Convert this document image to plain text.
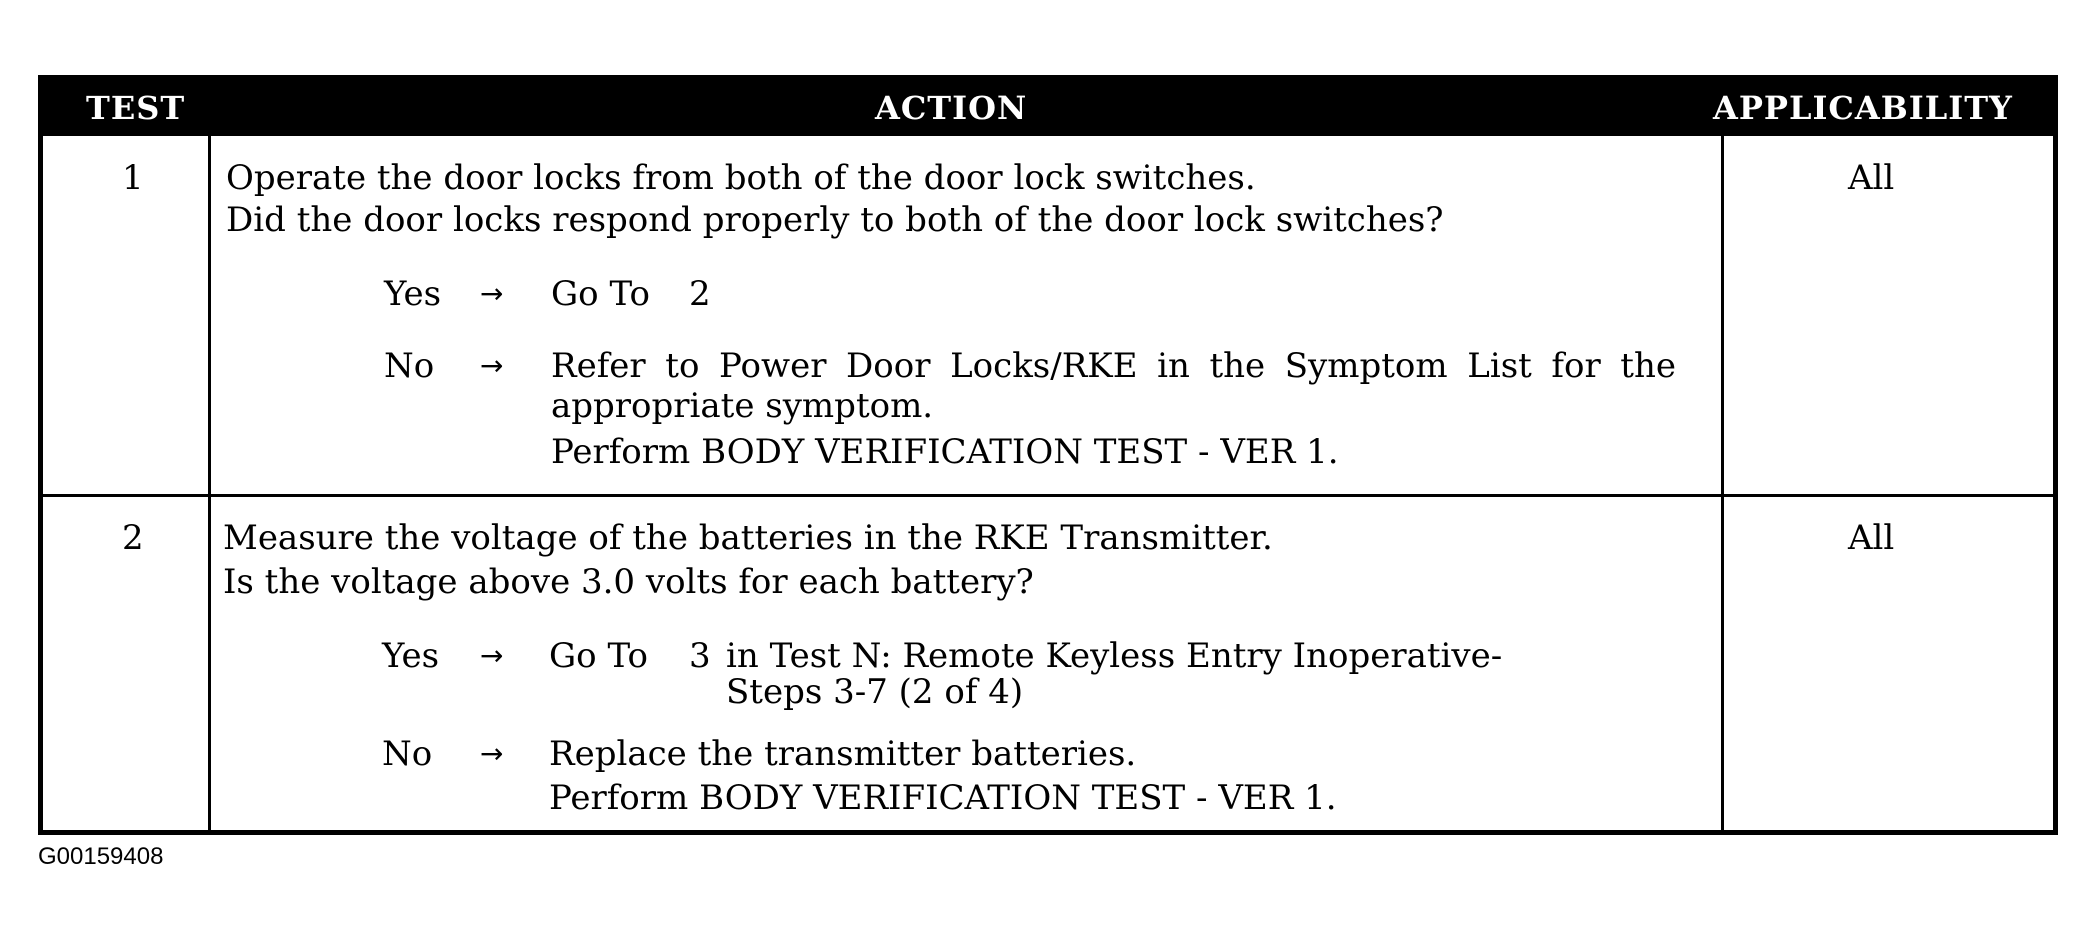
TEST	ACTION	APPLICABILITY
1 Operate the door locks from both of the door lock switches.
Did the door locks respond properly to both of the door lock switches?
Yes → Go To 2
No → Refer to Power Door Locks/RKE in the Symptom List for the
appropriate symptom.
Perform BODY VERIFICATION TEST - VER 1.
All
2 Measure the voltage of the batteries in the RKE Transmitter.
Is the voltage above 3.0 volts for each battery?
Yes → Go To 3 in Test N: Remote Keyless Entry Inoperative-
Steps 3-7 (2 of 4)
No → Replace the transmitter batteries.
Perform BODY VERIFICATION TEST - VER 1.
All
G00159408
